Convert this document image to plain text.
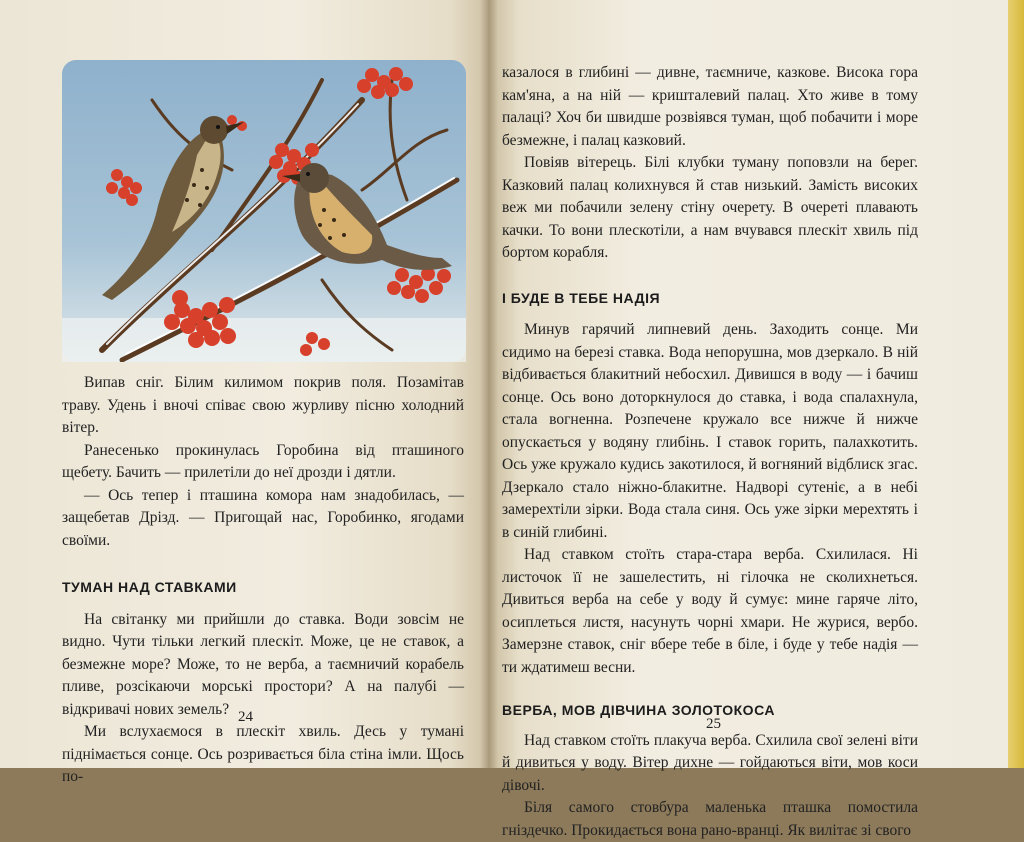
Випав сніг. Білим килимом покрив поля. Позамітав траву. Удень і вночі співає свою журливу пісню холодний вітер.

Ранесенько прокинулась Горобина від пташиного щебету. Бачить — прилетіли до неї дрозди і дятли.

— Ось тепер і пташина комора нам знадобилась, — защебетав Дрізд. — Пригощай нас, Горобинко, ягодами своїми.

ТУМАН НАД СТАВКАМИ

На світанку ми прийшли до ставка. Води зовсім не видно. Чути тільки легкий плескіт. Може, це не ставок, а безмежне море? Може, то не верба, а таємничий корабель пливе, розсікаючи морські простори? А на палубі — відкривачі нових земель?

Ми вслухаємося в плескіт хвиль. Десь у тумані піднімається сонце. Ось розривається біла стіна імли. Щось по-

24

казалося в глибині — дивне, таємниче, казкове. Висока гора кам'яна, а на ній — кришталевий палац. Хто живе в тому палаці? Хоч би швидше розвіявся туман, щоб побачити і море безмежне, і палац казковий.

Повіяв вітерець. Білі клубки туману поповзли на берег. Казковий палац колихнувся й став низький. Замість високих веж ми побачили зелену стіну очерету. В очереті плавають качки. То вони плескотіли, а нам вчувався плескіт хвиль під бортом корабля.

І БУДЕ В ТЕБЕ НАДІЯ

Минув гарячий липневий день. Заходить сонце. Ми сидимо на березі ставка. Вода непорушна, мов дзеркало. В ній відбивається блакитний небосхил. Дивишся в воду — і бачиш сонце. Ось воно доторкнулося до ставка, і вода спалахнула, стала вогненна. Розпечене кружало все нижче й нижче опускається у водяну глибінь. І ставок горить, палахкотить. Ось уже кружало кудись закотилося, й вогняний відблиск згас. Дзеркало стало ніжно-блакитне. Надворі сутеніє, а в небі замерехтіли зірки. Вода стала синя. Ось уже зірки мерехтять і в синій глибині.

Над ставком стоїть стара-стара верба. Схилилася. Ні листочок її не зашелестить, ні гілочка не сколихнеться. Дивиться верба на себе у воду й сумує: мине гаряче літо, осиплеться листя, насунуть чорні хмари. Не журися, вербо. Замерзне ставок, сніг вбере тебе в біле, і буде у тебе надія — ти ждатимеш весни.

ВЕРБА, МОВ ДІВЧИНА ЗОЛОТОКОСА

Над ставком стоїть плакуча верба. Схилила свої зелені віти й дивиться у воду. Вітер дихне — гойдаються віти, мов коси дівочі.

Біля самого стовбура маленька пташка помостила гніздечко. Прокидається вона рано-вранці. Як вилітає зі свого

25
